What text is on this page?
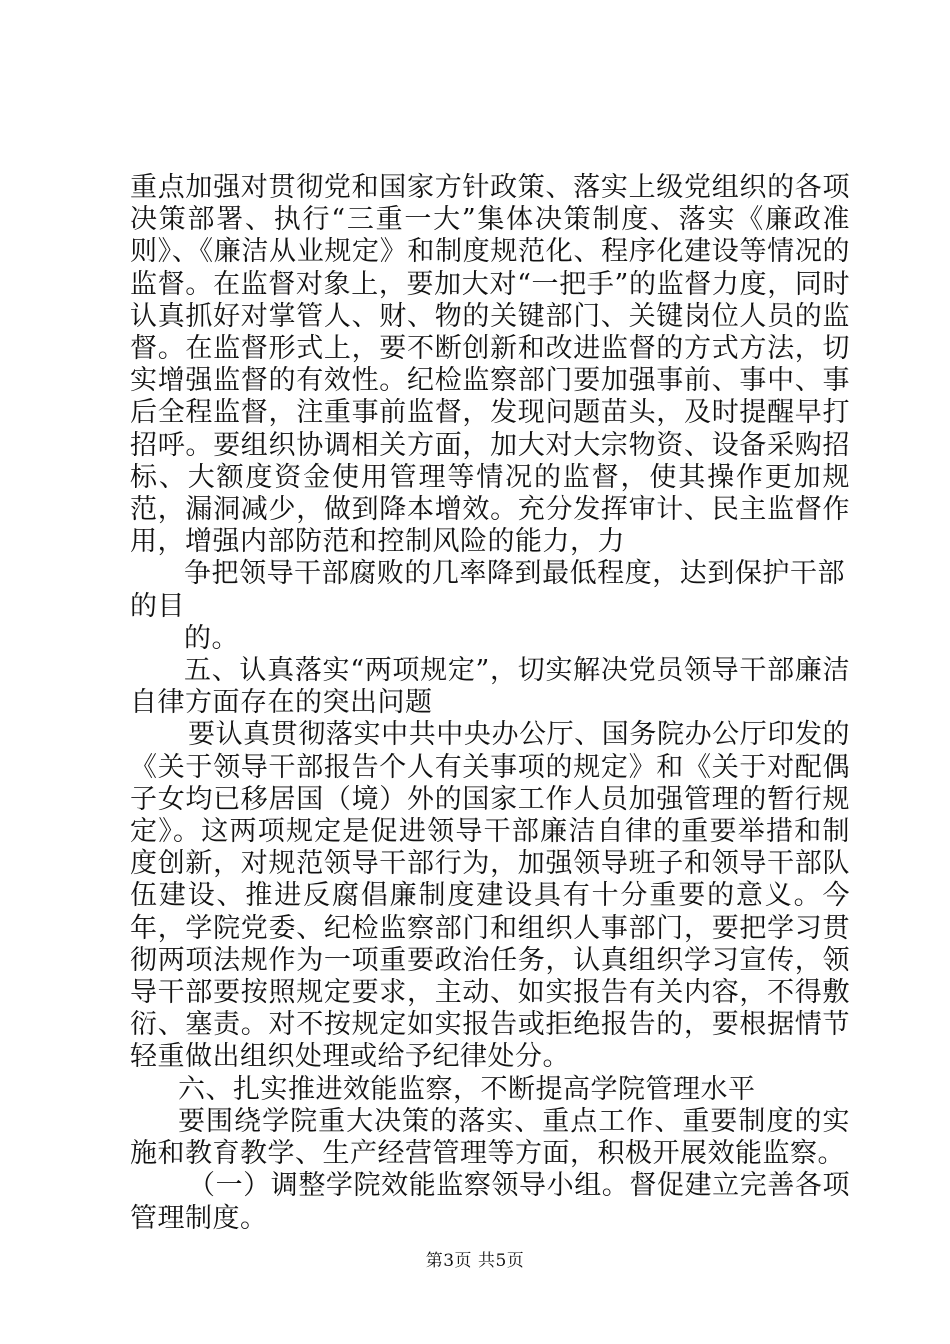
重点加强对贯彻党和国家方针政策、落实上级党组织的各项决策部署、执行“三重一大”集体决策制度、落实《廉政准则》、《廉洁从业规定》和制度规范化、程序化建设等情况的监督。在监督对象上，要加大对“一把手”的监督力度，同时认真抓好对掌管人、财、物的关键部门、关键岗位人员的监督。在监督形式上，要不断创新和改进监督的方式方法，切实增强监督的有效性。纪检监察部门要加强事前、事中、事后全程监督，注重事前监督，发现问题苗头，及时提醒早打招呼。要组织协调相关方面，加大对大宗物资、设备采购招标、大额度资金使用管理等情况的监督，使其操作更加规范，漏洞减少，做到降本增效。充分发挥审计、民主监督作用，增强内部防范和控制风险的能力，力

争把领导干部腐败的几率降到最低程度，达到保护干部的目

的。

五、认真落实“两项规定”，切实解决党员领导干部廉洁自律方面存在的突出问题

要认真贯彻落实中共中央办公厅、国务院办公厅印发的《关于领导干部报告个人有关事项的规定》和《关于对配偶子女均已移居国（境）外的国家工作人员加强管理的暂行规定》。这两项规定是促进领导干部廉洁自律的重要举措和制度创新，对规范领导干部行为，加强领导班子和领导干部队伍建设、推进反腐倡廉制度建设具有十分重要的意义。今年，学院党委、纪检监察部门和组织人事部门，要把学习贯彻两项法规作为一项重要政治任务，认真组织学习宣传，领导干部要按照规定要求，主动、如实报告有关内容，不得敷衍、塞责。对不按规定如实报告或拒绝报告的，要根据情节轻重做出组织处理或给予纪律处分。

六、扎实推进效能监察，不断提高学院管理水平

要围绕学院重大决策的落实、重点工作、重要制度的实施和教育教学、生产经营管理等方面，积极开展效能监察。

（一）调整学院效能监察领导小组。督促建立完善各项管理制度。

第3页 共5页
